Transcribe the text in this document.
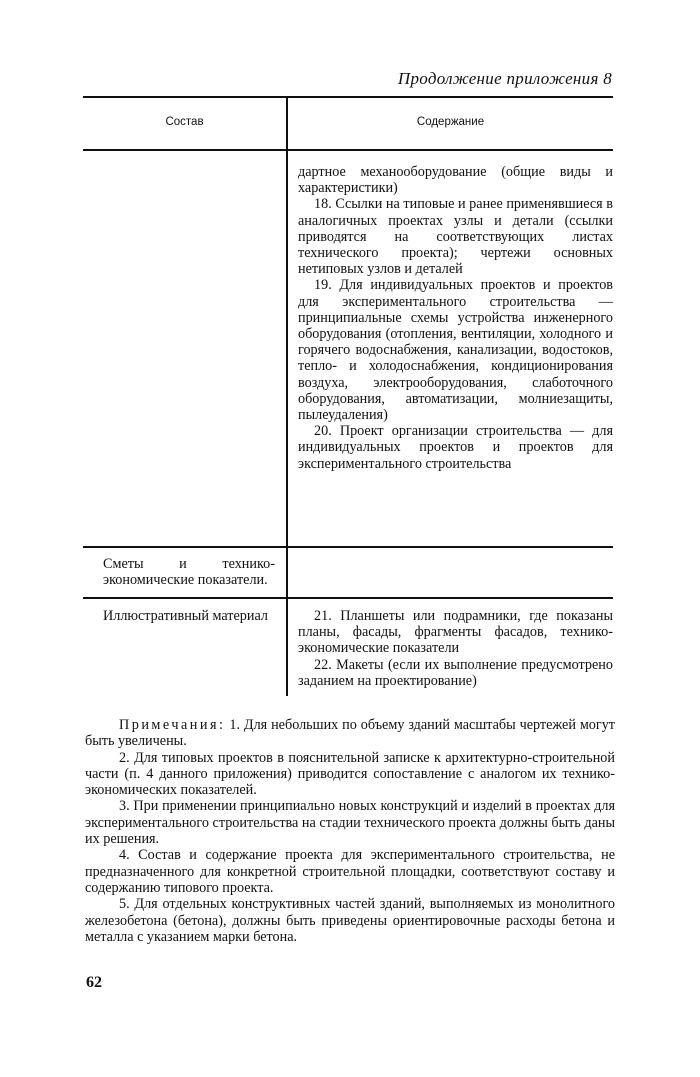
Продолжение приложения 8
Состав	Содержание

дартное механооборудование (общие виды и характеристики)

18. Ссылки на типовые и ранее применявшиеся в аналогичных проектах узлы и детали (ссылки приводятся на соответствующих листах технического проекта); чертежи основных нетиповых узлов и деталей

19. Для индивидуальных проектов и проектов для экспериментального строительства — принципиальные схемы устройства инженерного оборудования (отопления, вентиляции, холодного и горячего водоснабжения, канализации, водостоков, тепло- и холодоснабжения, кондиционирования воздуха, электрооборудования, слаботочного оборудования, автоматизации, молниезащиты, пылеудаления)

20. Проект организации строительства — для индивидуальных проектов и проектов для экспериментального строительства

Сметы и технико-экономические показатели.

Иллюстративный материал	21. Планшеты или подрамники, где показаны планы, фасады, фрагменты фасадов, технико-экономические показатели

22. Макеты (если их выполнение предусмотрено заданием на проектирование)

Примечания: 1. Для небольших по объему зданий масштабы чертежей могут быть увеличены.

2. Для типовых проектов в пояснительной записке к архитектурно-строительной части (п. 4 данного приложения) приводится сопоставление с аналогом их технико-экономических показателей.

3. При применении принципиально новых конструкций и изделий в проектах для экспериментального строительства на стадии технического проекта должны быть даны их решения.

4. Состав и содержание проекта для экспериментального строительства, не предназначенного для конкретной строительной площадки, соответствуют составу и содержанию типового проекта.

5. Для отдельных конструктивных частей зданий, выполняемых из монолитного железобетона (бетона), должны быть приведены ориентировочные расходы бетона и металла с указанием марки бетона.

62
